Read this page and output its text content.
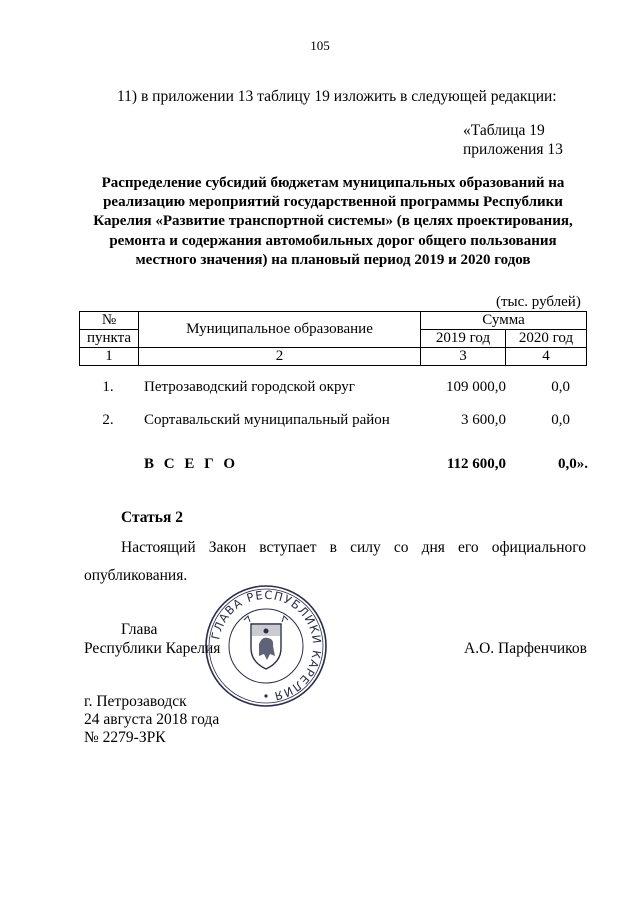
105
11) в приложении 13 таблицу 19 изложить в следующей редакции:
«Таблица 19
приложения 13
Распределение субсидий бюджетам муниципальных образований на реализацию мероприятий государственной программы Республики Карелия «Развитие транспортной системы» (в целях проектирования, ремонта и содержания автомобильных дорог общего пользования местного значения) на плановый период 2019 и 2020 годов
(тыс. рублей)
№	Муниципальное образование	Сумма	
пункта		2019 год	2020 год
1	2	3	4
1. Петрозаводский городской округ	109 000,0	0,0
2. Сортавальский муниципальный район	3 600,0	0,0
В С Е Г О	112 600,0	0,0».
Статья 2
Настоящий Закон вступает в силу со дня его официального
опубликования.
ГЛАВА РЕСПУБЛИКИ КАРЕЛИЯ
Глава
Республики Карелия	А.О. Парфенчиков
г. Петрозаводск
24 августа 2018 года
№ 2279-ЗРК
